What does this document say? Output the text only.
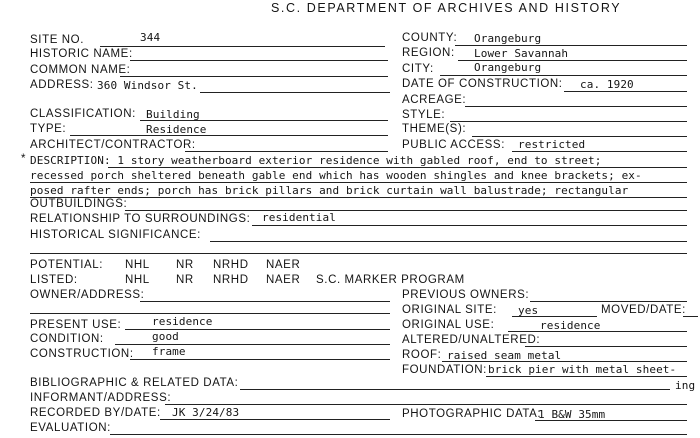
S.C. DEPARTMENT OF ARCHIVES AND HISTORY
SITE NO.	344
HISTORIC NAME:
COMMON NAME:
ADDRESS: 360 Windsor St.
CLASSIFICATION: Building
TYPE:	Residence
ARCHITECT/CONTRACTOR:
COUNTY: Orangeburg
REGION: Lower Savannah
CITY:	Orangeburg
DATE OF CONSTRUCTION: ca. 1920
ACREAGE:
STYLE:
THEME(S):
PUBLIC ACCESS: restricted
* DESCRIPTION: 1 story weatherboard exterior residence with gabled roof, end to street;
recessed porch sheltered beneath gable end which has wooden shingles and knee brackets; ex-
posed rafter ends; porch has brick pillars and brick curtain wall balustrade; rectangular
OUTBUILDINGS:
RELATIONSHIP TO SURROUNDINGS: residential
HISTORICAL SIGNIFICANCE:
POTENTIAL: NHL NR NRHD NAER
LISTED:	NHL NR NRHD NAER S.C. MARKER PROGRAM
OWNER/ADDRESS:	PREVIOUS OWNERS:
ORIGINAL SITE: yes	MOVED/DATE:
PRESENT USE:	residence	ORIGINAL USE:	residence
CONDITION:	good	ALTERED/UNALTERED:
CONSTRUCTION: frame	ROOF: raised seam metal
FOUNDATION: brick pier with metal sheet-
ing
BIBLIOGRAPHIC & RELATED DATA:
INFORMANT/ADDRESS:
RECORDED BY/DATE: JK 3/24/83	PHOTOGRAPHIC DATA:
1 B&W 35mm
EVALUATION:
